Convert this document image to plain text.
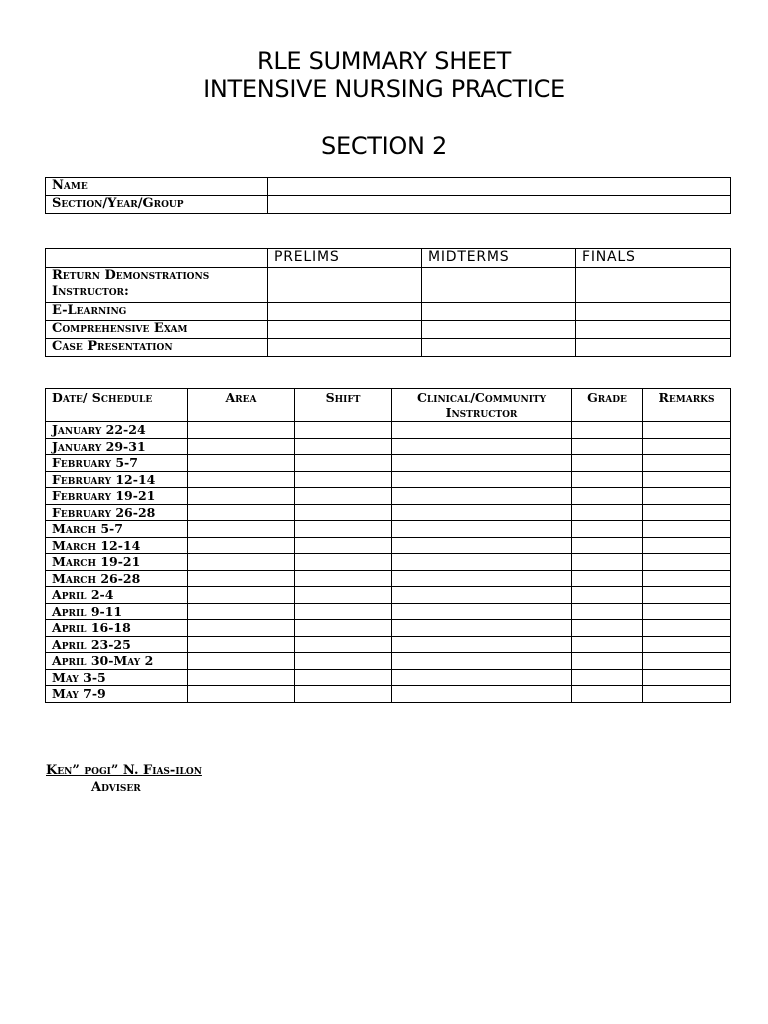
RLE SUMMARY SHEET
INTENSIVE NURSING PRACTICE
SECTION 2
Name	
Section/Year/Group	
	PRELIMS	MIDTERMS	FINALS
Return Demonstrations
Instructor:			
E-Learning			
Comprehensive Exam			
Case Presentation			
Date/ Schedule	Area	Shift	Clinical/Community Instructor	Grade	Remarks
January 22-24					
January 29-31					
February 5-7					
February 12-14					
February 19-21					
February 26-28					
March 5-7					
March 12-14					
March 19-21					
March 26-28					
April 2-4					
April 9-11					
April 16-18					
April 23-25					
April 30-May 2					
May 3-5					
May 7-9					
Ken” pogi” N. Fias-ilon
Adviser
